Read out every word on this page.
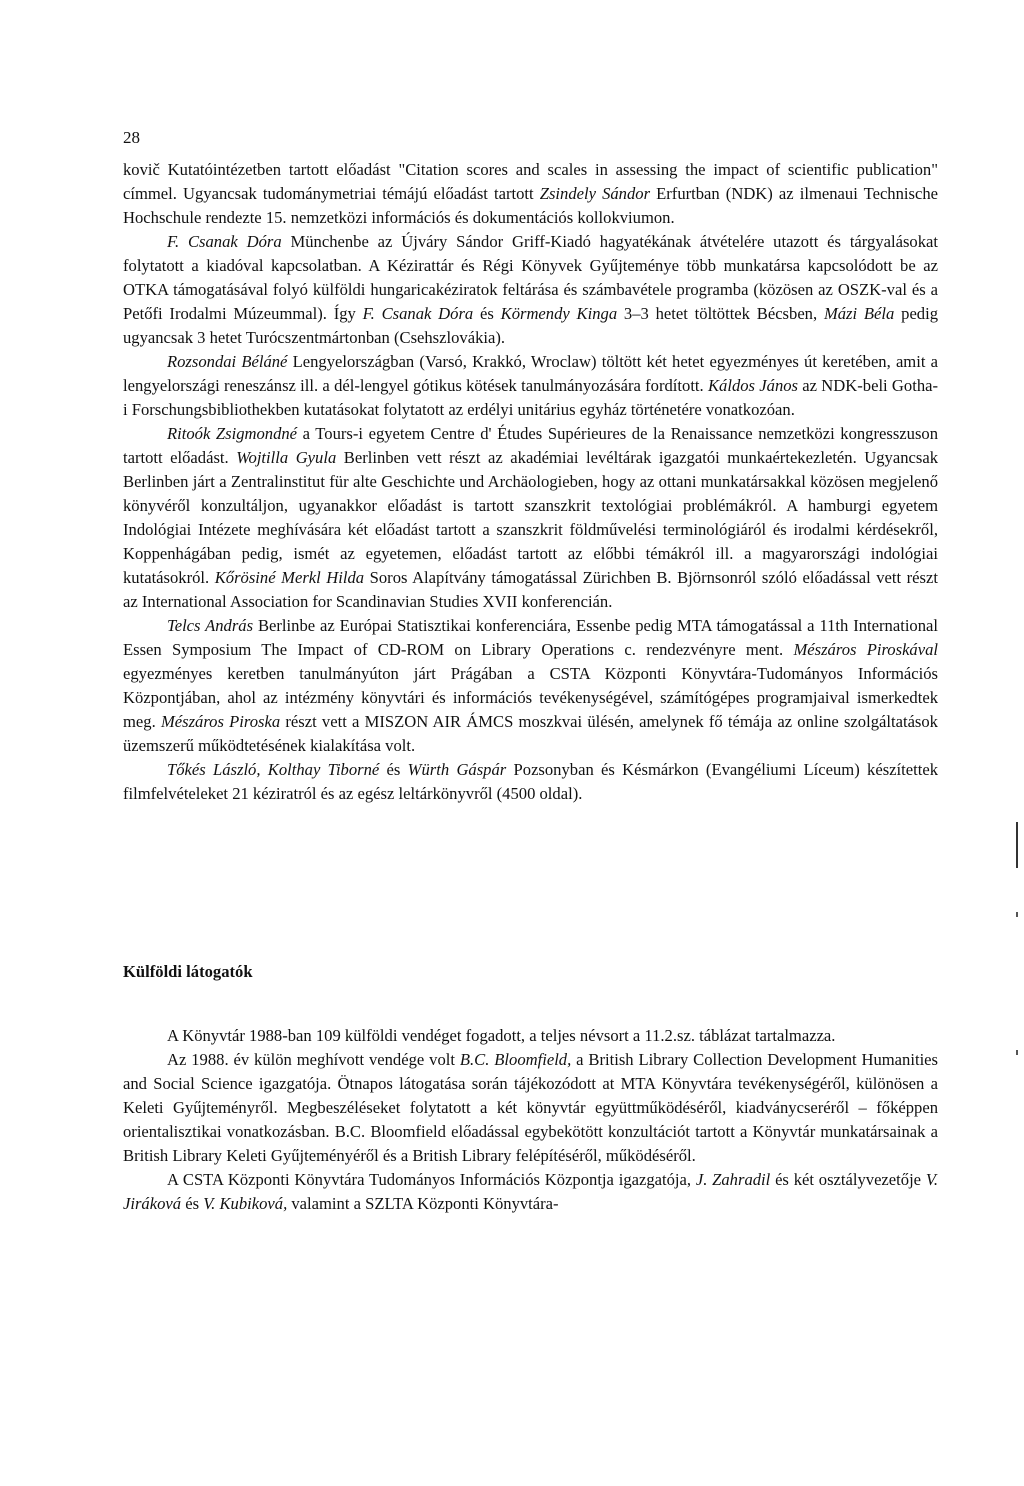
28

kovič Kutatóintézetben tartott előadást "Citation scores and scales in assessing the impact of scientific publication" címmel. Ugyancsak tudománymetriai témájú előadást tartott Zsindely Sándor Erfurtban (NDK) az ilmenaui Technische Hochschule rendezte 15. nemzetközi információs és dokumentációs kollokviumon.

F. Csanak Dóra Münchenbe az Újváry Sándor Griff-Kiadó hagyatékának átvételére utazott és tárgyalásokat folytatott a kiadóval kapcsolatban. A Kézirattár és Régi Könyvek Gyűjteménye több munkatársa kapcsolódott be az OTKA támogatásával folyó külföldi hungaricakéziratok feltárása és számbavétele programba (közösen az OSZK-val és a Petőfi Irodalmi Múzeummal). Így F. Csanak Dóra és Körmendy Kinga 3–3 hetet töltöttek Bécsben, Mázi Béla pedig ugyancsak 3 hetet Turócszentmártonban (Csehszlovákia).

Rozsondai Béláné Lengyelországban (Varsó, Krakkó, Wroclaw) töltött két hetet egyezményes út keretében, amit a lengyelországi reneszánsz ill. a dél-lengyel gótikus kötések tanulmányozására fordított. Káldos János az NDK-beli Gotha-i Forschungsbibliothekben kutatásokat folytatott az erdélyi unitárius egyház történetére vonatkozóan.

Ritoók Zsigmondné a Tours-i egyetem Centre d' Études Supérieures de la Renaissance nemzetközi kongresszuson tartott előadást. Wojtilla Gyula Berlinben vett részt az akadémiai levéltárak igazgatói munkaértekezletén. Ugyancsak Berlinben járt a Zentralinstitut für alte Geschichte und Archäologieben, hogy az ottani munkatársakkal közösen megjelenő könyvéről konzultáljon, ugyanakkor előadást is tartott szanszkrit textológiai problémákról. A hamburgi egyetem Indológiai Intézete meghívására két előadást tartott a szanszkrit földművelési terminológiáról és irodalmi kérdésekről, Koppenhágában pedig, ismét az egyetemen, előadást tartott az előbbi témákról ill. a magyarországi indológiai kutatásokról. Kőrösiné Merkl Hilda Soros Alapítvány támogatással Zürichben B. Björnsonról szóló előadással vett részt az International Association for Scandinavian Studies XVII konferencián.

Telcs András Berlinbe az Európai Statisztikai konferenciára, Essenbe pedig MTA támogatással a 11th International Essen Symposium The Impact of CD-ROM on Library Operations c. rendezvényre ment. Mészáros Piroskával egyezményes keretben tanulmányúton járt Prágában a CSTA Központi Könyvtára-Tudományos Információs Központjában, ahol az intézmény könyvtári és információs tevékenységével, számítógépes programjaival ismerkedtek meg. Mészáros Piroska részt vett a MISZON AIR ÁMCS moszkvai ülésén, amelynek fő témája az online szolgáltatások üzemszerű működtetésének kialakítása volt.

Tőkés László, Kolthay Tiborné és Würth Gáspár Pozsonyban és Késmárkon (Evangéliumi Líceum) készítettek filmfelvételeket 21 kéziratról és az egész leltárkönyvről (4500 oldal).

Külföldi látogatók

A Könyvtár 1988-ban 109 külföldi vendéget fogadott, a teljes névsort a 11.2.sz. táblázat tartalmazza.

Az 1988. év külön meghívott vendége volt B.C. Bloomfield, a British Library Collection Development Humanities and Social Science igazgatója. Ötnapos látogatása során tájékozódott at MTA Könyvtára tevékenységéről, különösen a Keleti Gyűjteményről. Megbeszéléseket folytatott a két könyvtár együttműködéséről, kiadványcseréről – főképpen orientalisztikai vonatkozásban. B.C. Bloomfield előadással egybekötött konzultációt tartott a Könyvtár munkatársainak a British Library Keleti Gyűjteményéről és a British Library felépítéséről, működéséről.

A CSTA Központi Könyvtára Tudományos Információs Központja igazgatója, J. Zahradil és két osztályvezetője V. Jiráková és V. Kubiková, valamint a SZLTA Központi Könyvtára-
